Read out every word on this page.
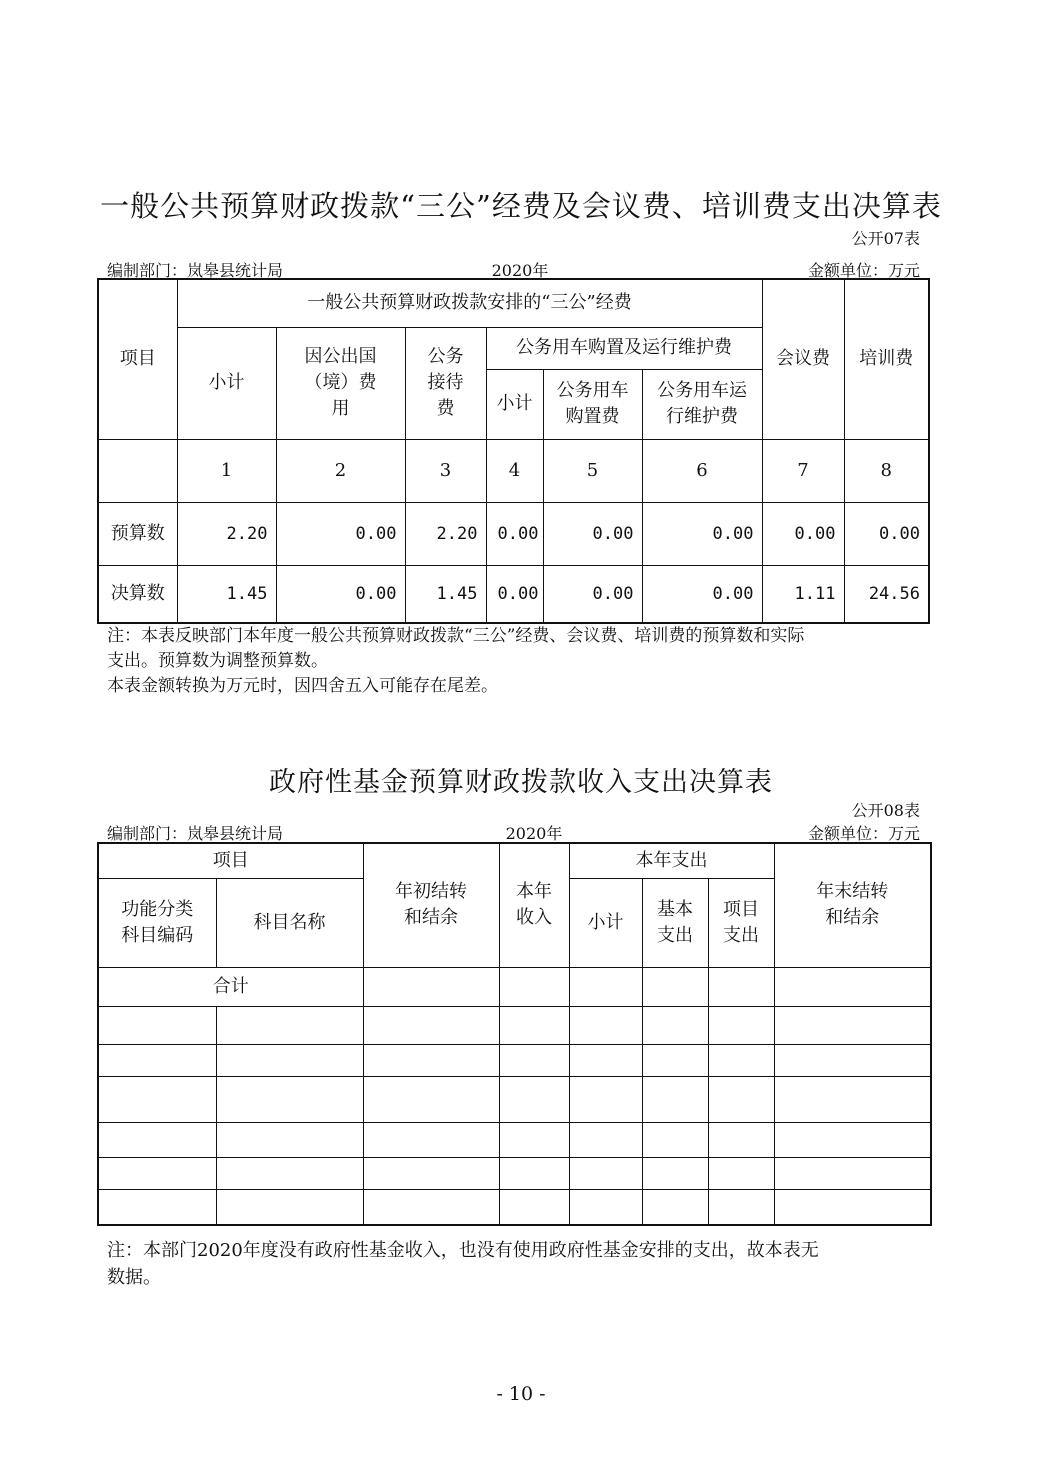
一般公共预算财政拨款“三公”经费及会议费、培训费支出决算表
公开07表
编制部门：岚皋县统计局	2020年	金额单位：万元
项目	一般公共预算财政拨款安排的“三公”经费						会议费	培训费
	小计	因公出国（境）费用	公务接待费	公务用车购置及运行维护费				
				小计	公务用车购置费	公务用车运行维护费		
	1	2	3	4	5	6	7	8
预算数	2.20	0.00	2.20	0.00	0.00	0.00	0.00	0.00
决算数	1.45	0.00	1.45	0.00	0.00	0.00	1.11	24.56
注：本表反映部门本年度一般公共预算财政拨款“三公”经费、会议费、培训费的预算数和实际
支出。预算数为调整预算数。
本表金额转换为万元时，因四舍五入可能存在尾差。
政府性基金预算财政拨款收入支出决算表
公开08表
编制部门：岚皋县统计局	2020年	金额单位：万元
项目		年初结转和结余	本年收入	本年支出			年末结转和结余
功能分类科目编码	科目名称			小计	基本支出	项目支出	
合计							

注：本部门2020年度没有政府性基金收入，也没有使用政府性基金安排的支出，故本表无
数据。
- 10 -
